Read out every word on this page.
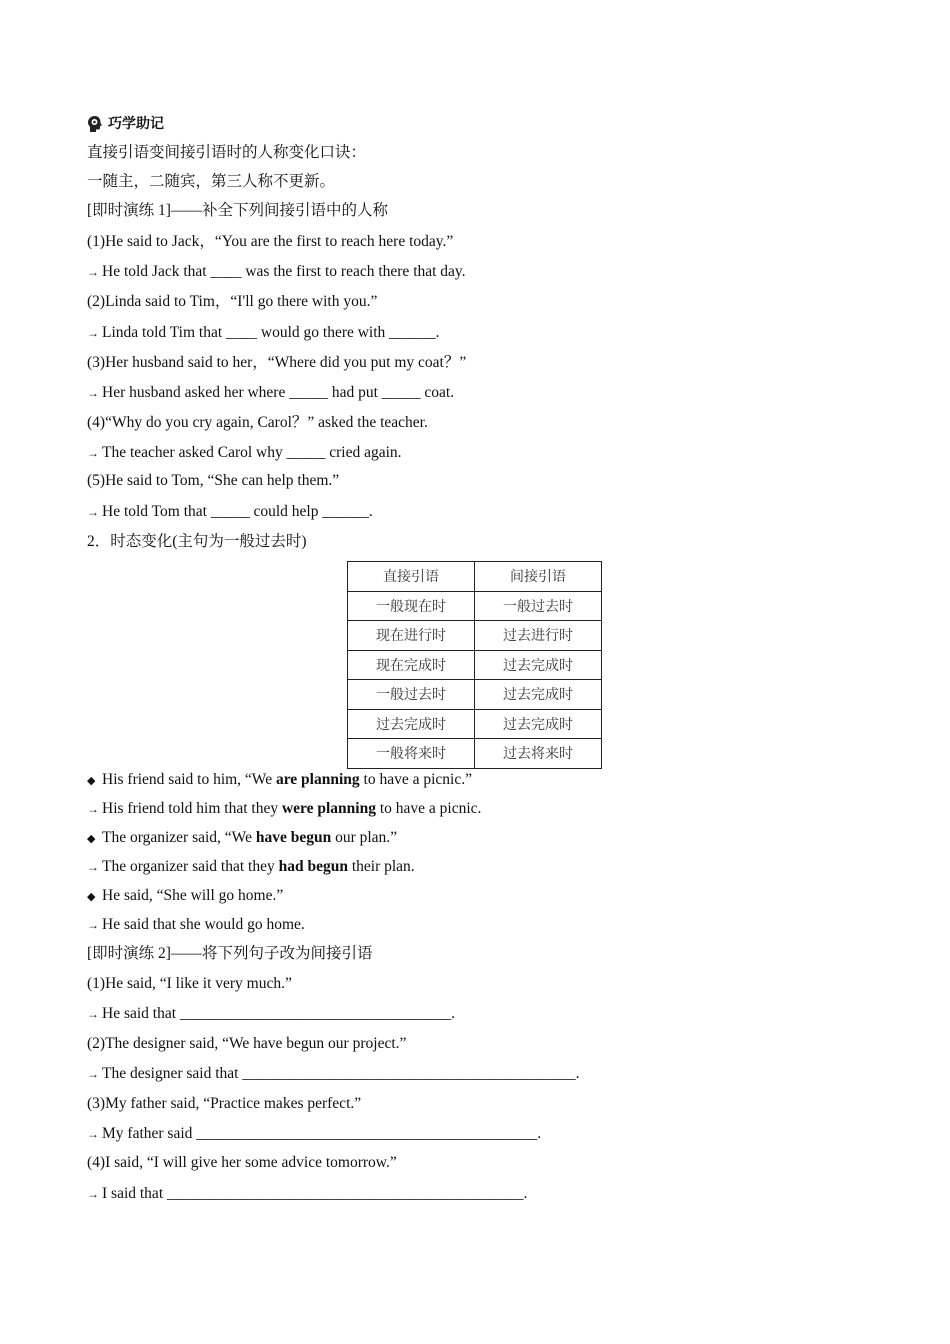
巧学助记
直接引语变间接引语时的人称变化口诀：
一随主，二随宾，第三人称不更新。
[即时演练 1]——补全下列间接引语中的人称
(1)He said to Jack，“You are the first to reach here today.”
→ He told Jack that ____ was the first to reach there that day.
(2)Linda said to Tim，“I'll go there with you.”
→ Linda told Tim that ____ would go there with ______.
(3)Her husband said to her，“Where did you put my coat？”
→ Her husband asked her where _____ had put _____ coat.
(4)“Why do you cry again, Carol？” asked the teacher.
→ The teacher asked Carol why _____ cried again.
(5)He said to Tom, “She can help them.”
→ He told Tom that _____ could help ______.
2．时态变化(主句为一般过去时)
直接引语	间接引语
一般现在时	一般过去时
现在进行时	过去进行时
现在完成时	过去完成时
一般过去时	过去完成时
过去完成时	过去完成时
一般将来时	过去将来时
◆ His friend said to him, “We are planning to have a picnic.”
→ His friend told him that they were planning to have a picnic.
◆ The organizer said, “We have begun our plan.”
→ The organizer said that they had begun their plan.
◆ He said, “She will go home.”
→ He said that she would go home.
[即时演练 2]——将下列句子改为间接引语
(1)He said, “I like it very much.”
→ He said that ___________________________________.
(2)The designer said, “We have begun our project.”
→ The designer said that ___________________________________________.
(3)My father said, “Practice makes perfect.”
→ My father said ____________________________________________.
(4)I said, “I will give her some advice tomorrow.”
→ I said that ______________________________________________.
